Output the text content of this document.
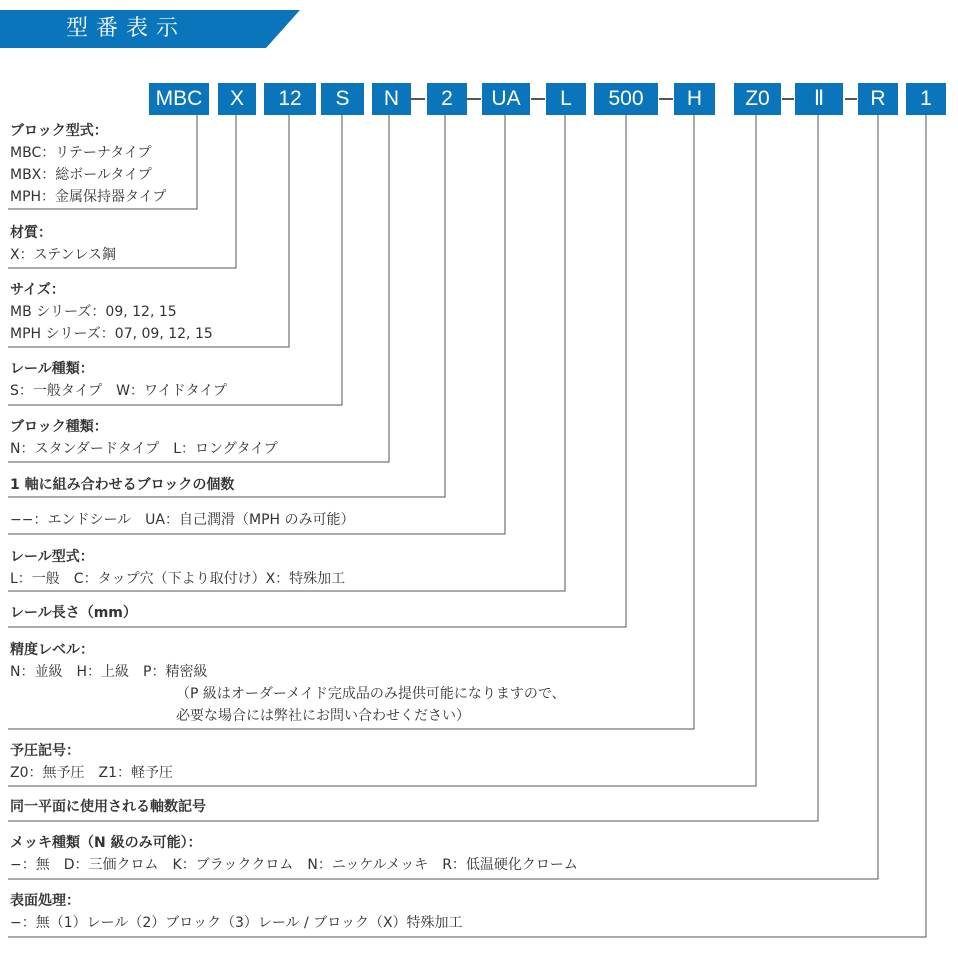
型番表示
MBC	X	12	S	N	2	UA	L	500	H	Z0	Ⅱ	R	1
ブロック型式：
MBC：リテーナタイプ
MBX：総ボールタイプ
MPH：金属保持器タイプ
材質：
X：ステンレス鋼
サイズ：
MB シリーズ：09, 12, 15
MPH シリーズ：07, 09, 12, 15
レール種類：
S：一般タイプ　W：ワイドタイプ
ブロック種類：
N：スタンダードタイプ　L：ロングタイプ
1 軸に組み合わせるブロックの個数
−−：エンドシール　UA：自己潤滑（MPH のみ可能）
レール型式：
L：一般　C：タップ穴（下より取付け）X：特殊加工
レール長さ（mm）
精度レベル：
N：並級　H：上級　P：精密級
（P 級はオーダーメイド完成品のみ提供可能になりますので、
必要な場合には弊社にお問い合わせください）
予圧記号：
Z0：無予圧　Z1：軽予圧
同一平面に使用される軸数記号
メッキ種類（N 級のみ可能）：
−：無　D：三価クロム　K：ブラッククロム　N：ニッケルメッキ　R：低温硬化クローム
表面処理：
−：無（1）レール（2）ブロック（3）レール / ブロック（X）特殊加工
